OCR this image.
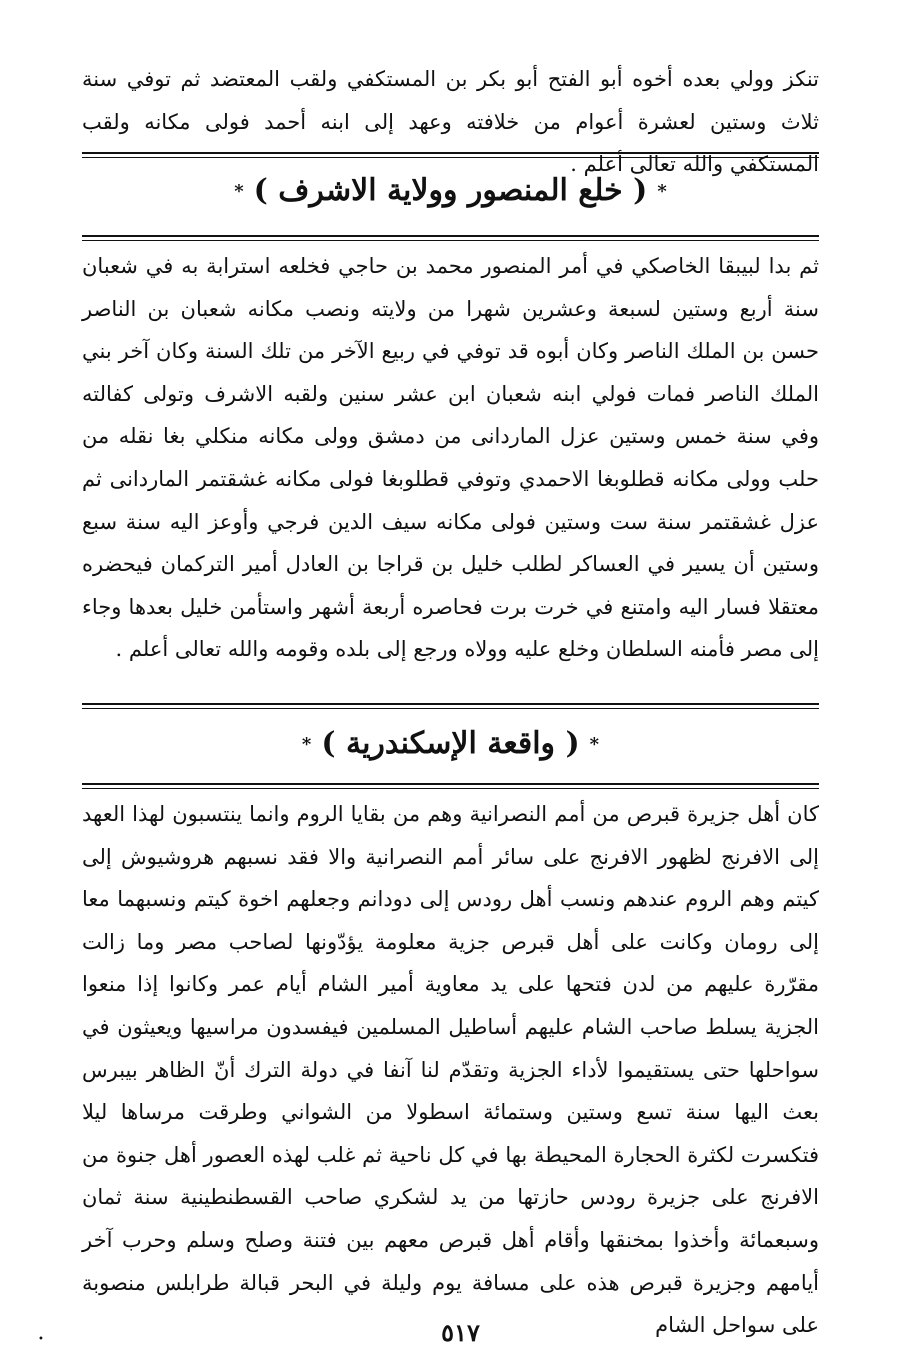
تنكز وولي بعده أخوه أبو الفتح أبو بكر بن المستكفي ولقب المعتضد ثم توفي سنة ثلاث وستين لعشرة أعوام من خلافته وعهد إلى ابنه أحمد فولى مكانه ولقب المستكفي والله تعالى أعلم .

*( خلع المنصور وولاية الاشرف )*

ثم بدا لبيبقا الخاصكي في أمر المنصور محمد بن حاجي فخلعه استرابة به في شعبان سنة أربع وستين لسبعة وعشرين شهرا من ولايته ونصب مكانه شعبان بن الناصر حسن بن الملك الناصر وكان أبوه قد توفي في ربيع الآخر من تلك السنة وكان آخر بني الملك الناصر فمات فولي ابنه شعبان ابن عشر سنين ولقبه الاشرف وتولى كفالته وفي سنة خمس وستين عزل الماردانى من دمشق وولى مكانه منكلي بغا نقله من حلب وولى مكانه قطلوبغا الاحمدي وتوفي قطلوبغا فولى مكانه غشقتمر الماردانى ثم عزل غشقتمر سنة ست وستين فولى مكانه سيف الدين فرجي وأوعز اليه سنة سبع وستين أن يسير في العساكر لطلب خليل بن قراجا بن العادل أمير التركمان فيحضره معتقلا فسار اليه وامتنع في خرت برت فحاصره أربعة أشهر واستأمن خليل بعدها وجاء إلى مصر فأمنه السلطان وخلع عليه وولاه ورجع إلى بلده وقومه والله تعالى أعلم .

*( واقعة الإسكندرية )*

كان أهل جزيرة قبرص من أمم النصرانية وهم من بقايا الروم وانما ينتسبون لهذا العهد إلى الافرنج لظهور الافرنج على سائر أمم النصرانية والا فقد نسبهم هروشيوش إلى كيتم وهم الروم عندهم ونسب أهل رودس إلى دودانم وجعلهم اخوة كيتم ونسبهما معا إلى رومان وكانت على أهل قبرص جزية معلومة يؤدّونها لصاحب مصر وما زالت مقرّرة عليهم من لدن فتحها على يد معاوية أمير الشام أيام عمر وكانوا إذا منعوا الجزية يسلط صاحب الشام عليهم أساطيل المسلمين فيفسدون مراسيها ويعيثون في سواحلها حتى يستقيموا لأداء الجزية وتقدّم لنا آنفا في دولة الترك أنّ الظاهر بيبرس بعث اليها سنة تسع وستين وستمائة اسطولا من الشواني وطرقت مرساها ليلا فتكسرت لكثرة الحجارة المحيطة بها في كل ناحية ثم غلب لهذه العصور أهل جنوة من الافرنج على جزيرة رودس حازتها من يد لشكري صاحب القسطنطينية سنة ثمان وسبعمائة وأخذوا بمخنقها وأقام أهل قبرص معهم بين فتنة وصلح وسلم وحرب آخر أيامهم وجزيرة قبرص هذه على مسافة يوم وليلة في البحر قبالة طرابلس منصوبة على سواحل الشام

٥١٧
•
